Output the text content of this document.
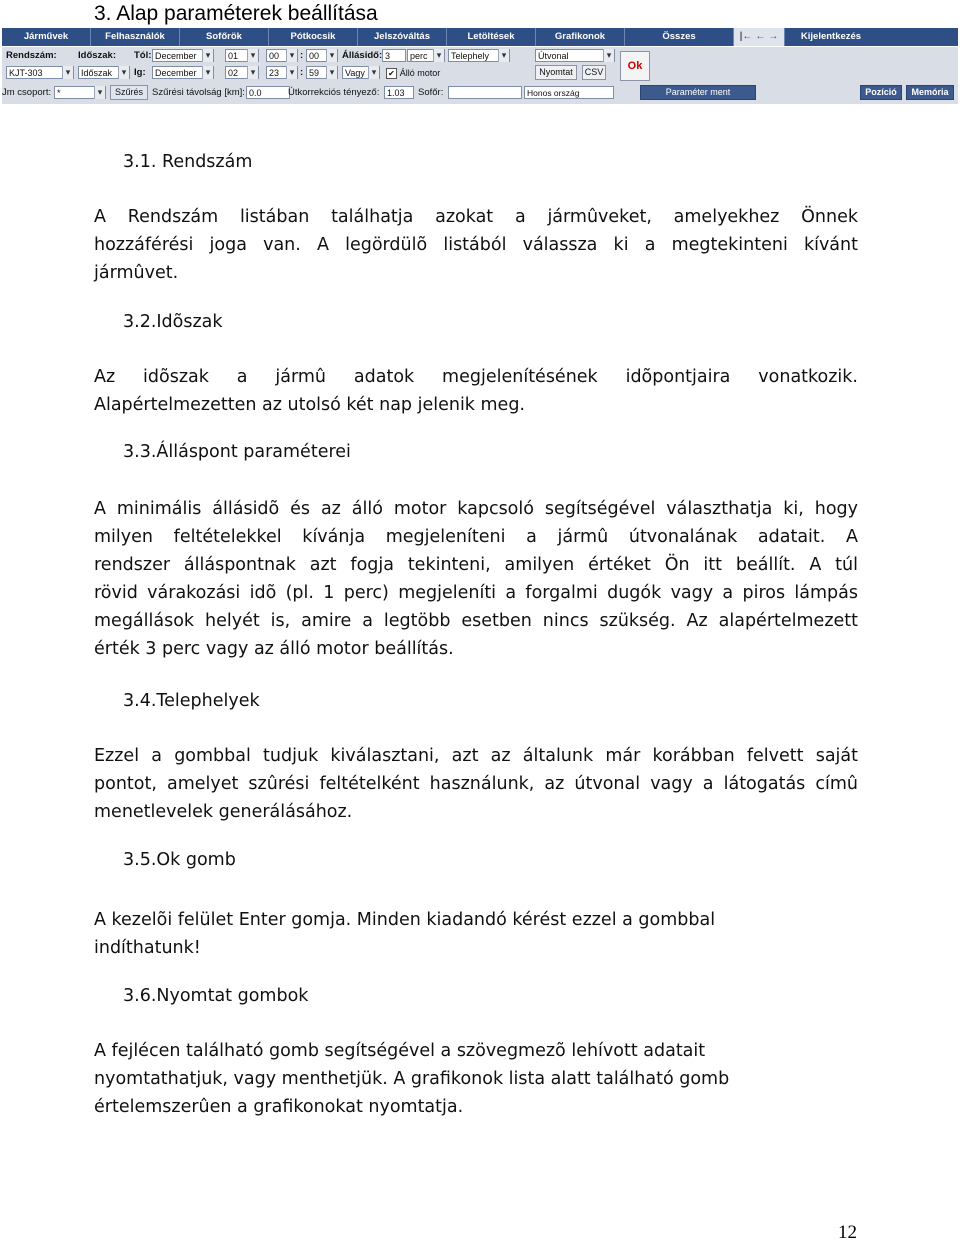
3. Alap paraméterek beállítása
Járművek	Felhasználók	Sofőrök	Pótkocsik	Jelszóváltás	Letöltések	Grafikonok	Összes	|← ← →	Kijelentkezés
Rendszám: Időszak: Tól: December ▾	01 ▾	00 ▾	: 00 ▾	Állásidő: 3	perc ▾	Telephely ▾	Útvonal ▾
Ok
KJT-303 ▾	Időszak ▾	Ig:	December ▾	02 ▾	23 ▾	: 59 ▾	Vagy ▾	✔ Álló motor	Nyomtat	CSV
Jm csoport: * ▾	Szűrés Szűrési távolság [km]: 0.0	Útkorrekciós tényező: 1.03	Sofőr:	Honos ország	Paraméter ment	Pozíció	Memória
3.1. Rendszám
A Rendszám listában találhatja azokat a jármûveket, amelyekhez Önnek
hozzáférési joga van. A legördülõ listából válassza ki a megtekinteni kívánt
jármûvet.
3.2.Idõszak
Az idõszak a jármû adatok megjelenítésének idõpontjaira vonatkozik.
Alapértelmezetten az utolsó két nap jelenik meg.
3.3.Álláspont paraméterei
A minimális állásidõ és az álló motor kapcsoló segítségével választhatja ki, hogy
milyen feltételekkel kívánja megjeleníteni a jármû útvonalának adatait. A
rendszer álláspontnak azt fogja tekinteni, amilyen értéket Ön itt beállít. A túl
rövid várakozási idõ (pl. 1 perc) megjeleníti a forgalmi dugók vagy a piros lámpás
megállások helyét is, amire a legtöbb esetben nincs szükség. Az alapértelmezett
érték 3 perc vagy az álló motor beállítás.
3.4.Telephelyek
Ezzel a gombbal tudjuk kiválasztani, azt az általunk már korábban felvett saját
pontot, amelyet szûrési feltételként használunk, az útvonal vagy a látogatás címû
menetlevelek generálásához.
3.5.Ok gomb
A kezelõi felület Enter gomja. Minden kiadandó kérést ezzel a gombbal
indíthatunk!
3.6.Nyomtat gombok
A fejlécen található gomb segítségével a szövegmezõ lehívott adatait
nyomtathatjuk, vagy menthetjük. A grafikonok lista alatt található gomb
értelemszerûen a grafikonokat nyomtatja.
12
